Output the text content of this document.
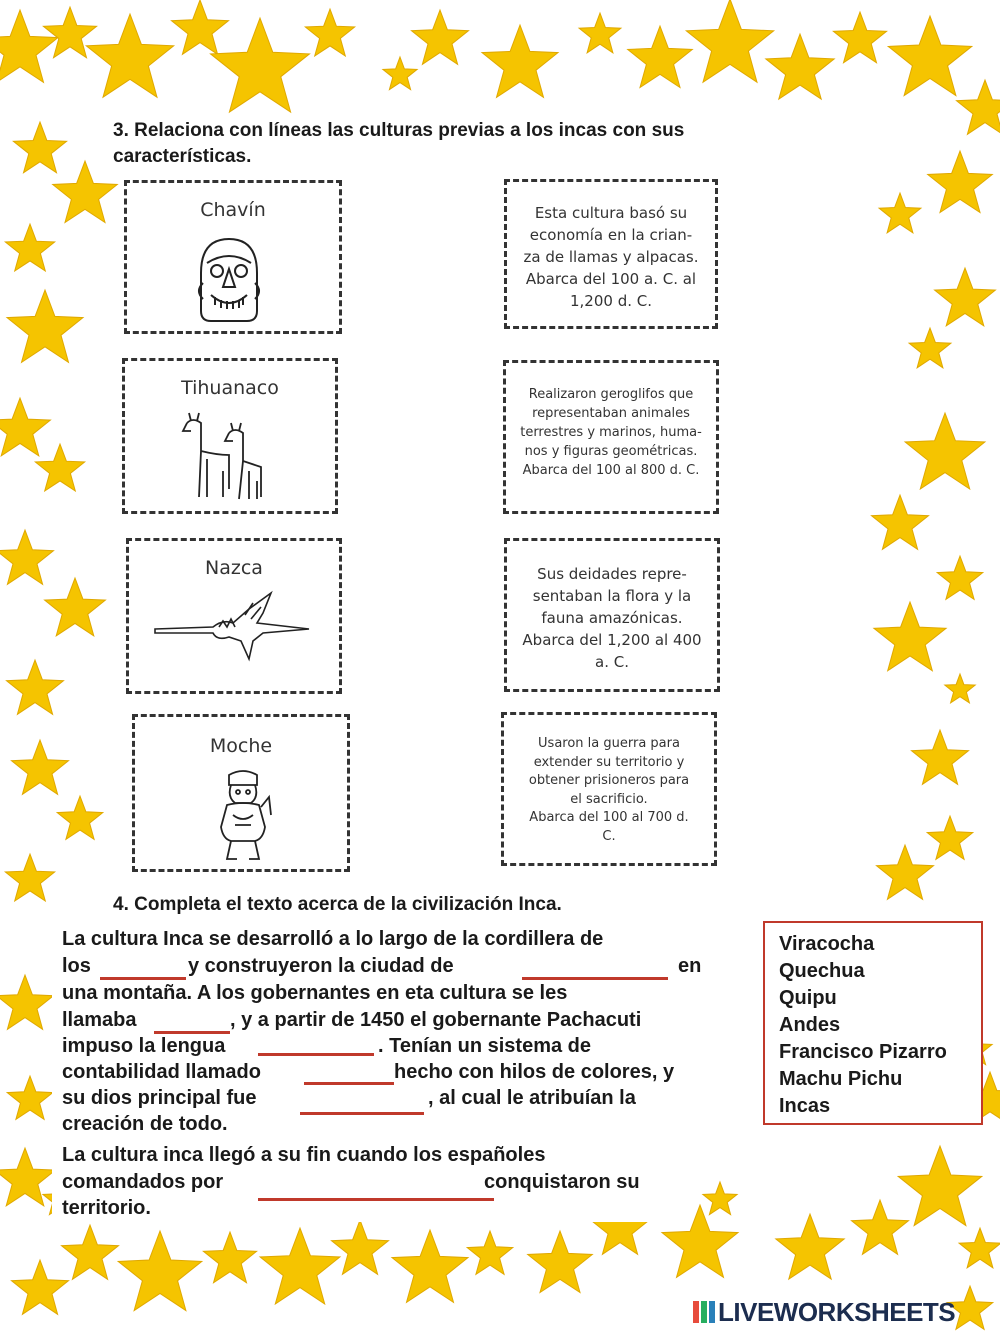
3. Relaciona con líneas las culturas previas a los incas con sus características.
Chavín
Tihuanaco
Nazca
Moche
Esta cultura basó su
economía en la crian-
za de llamas y alpacas.
Abarca del 100 a. C. al
1,200 d. C.
Realizaron geroglifos que
representaban animales
terrestres y marinos, huma-
nos y figuras geométricas.
Abarca del 100 al 800 d. C.
Sus deidades repre-
sentaban la flora y la
fauna amazónicas.
Abarca del 1,200 al 400
a. C.
Usaron la guerra para
extender su territorio y
obtener prisioneros para
el sacrificio.
Abarca del 100 al 700 d.
C.
4. Completa el texto acerca de la civilización Inca.
La cultura Inca se desarrolló a lo largo de la cordillera de
los	y construyeron la ciudad de	en
una montaña. A los gobernantes en eta cultura se les
llamaba	, y a partir de 1450 el gobernante Pachacuti
impuso la lengua	. Tenían un sistema de
contabilidad llamado	hecho con hilos de colores, y
su dios principal fue	, al cual le atribuían la
creación de todo.
La cultura inca llegó a su fin cuando los españoles
comandados por	conquistaron su
territorio.
Viracocha
Quechua
Quipu
Andes
Francisco Pizarro
Machu Pichu
Incas
LIVEWORKSHEETS
